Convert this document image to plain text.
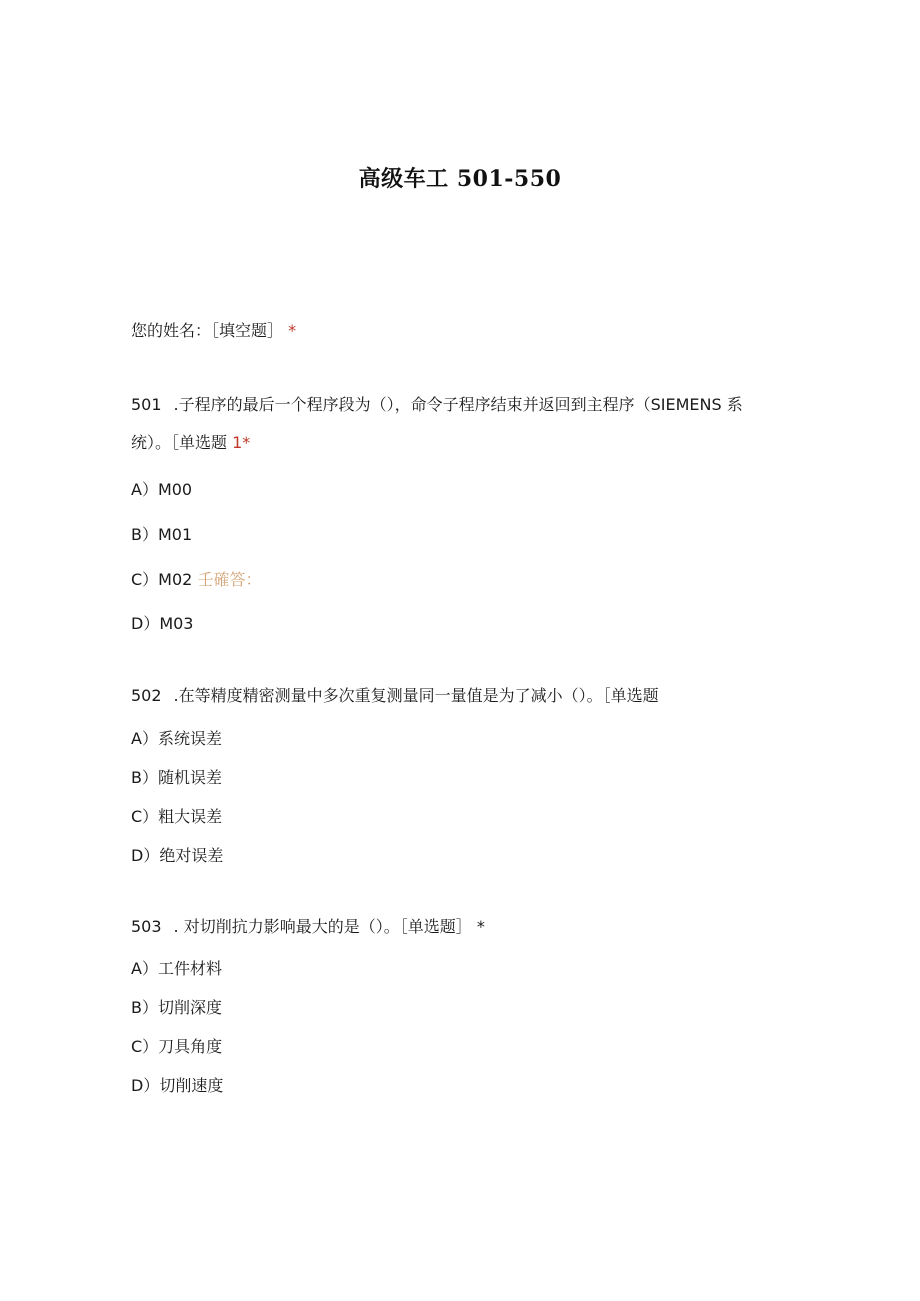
高级车工 501-550
您的姓名：［填空题］ *
501 .子程序的最后一个程序段为（），命令子程序结束并返回到主程序（SIEMENS 系
统）。［单选题 1*
A）M00
B）M01
C）M02 壬確答：
D）M03
502 .在等精度精密测量中多次重复测量同一量值是为了减小（）。［单选题
A）系统误差
B）随机误差
C）粗大误差
D）绝对误差
503 . 对切削抗力影响最大的是（）。［单选题］ *
A）工件材料
B）切削深度
C）刀具角度
D）切削速度
